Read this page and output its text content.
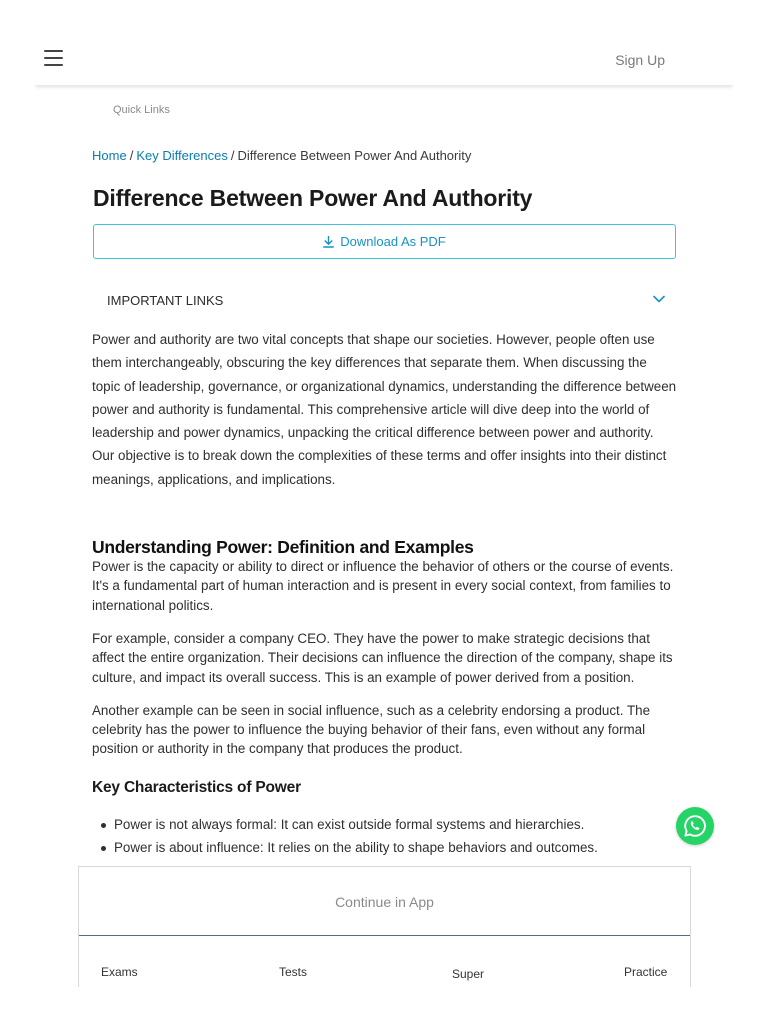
Sign Up
Quick Links
Home / Key Differences / Difference Between Power And Authority
Difference Between Power And Authority
Download As PDF
IMPORTANT LINKS

Power and authority are two vital concepts that shape our societies. However, people often use them interchangeably, obscuring the key differences that separate them. When discussing the topic of leadership, governance, or organizational dynamics, understanding the difference between power and authority is fundamental. This comprehensive article will dive deep into the world of leadership and power dynamics, unpacking the critical difference between power and authority. Our objective is to break down the complexities of these terms and offer insights into their distinct meanings, applications, and implications.

Understanding Power: Definition and Examples

Power is the capacity or ability to direct or influence the behavior of others or the course of events. It's a fundamental part of human interaction and is present in every social context, from families to international politics.

For example, consider a company CEO. They have the power to make strategic decisions that affect the entire organization. Their decisions can influence the direction of the company, shape its culture, and impact its overall success. This is an example of power derived from a position.

Another example can be seen in social influence, such as a celebrity endorsing a product. The celebrity has the power to influence the buying behavior of their fans, even without any formal position or authority in the company that produces the product.

Key Characteristics of Power
Power is not always formal: It can exist outside formal systems and hierarchies.
Power is about influence: It relies on the ability to shape behaviors and outcomes.
Continue in App
Exams	Tests	Super	Practice
